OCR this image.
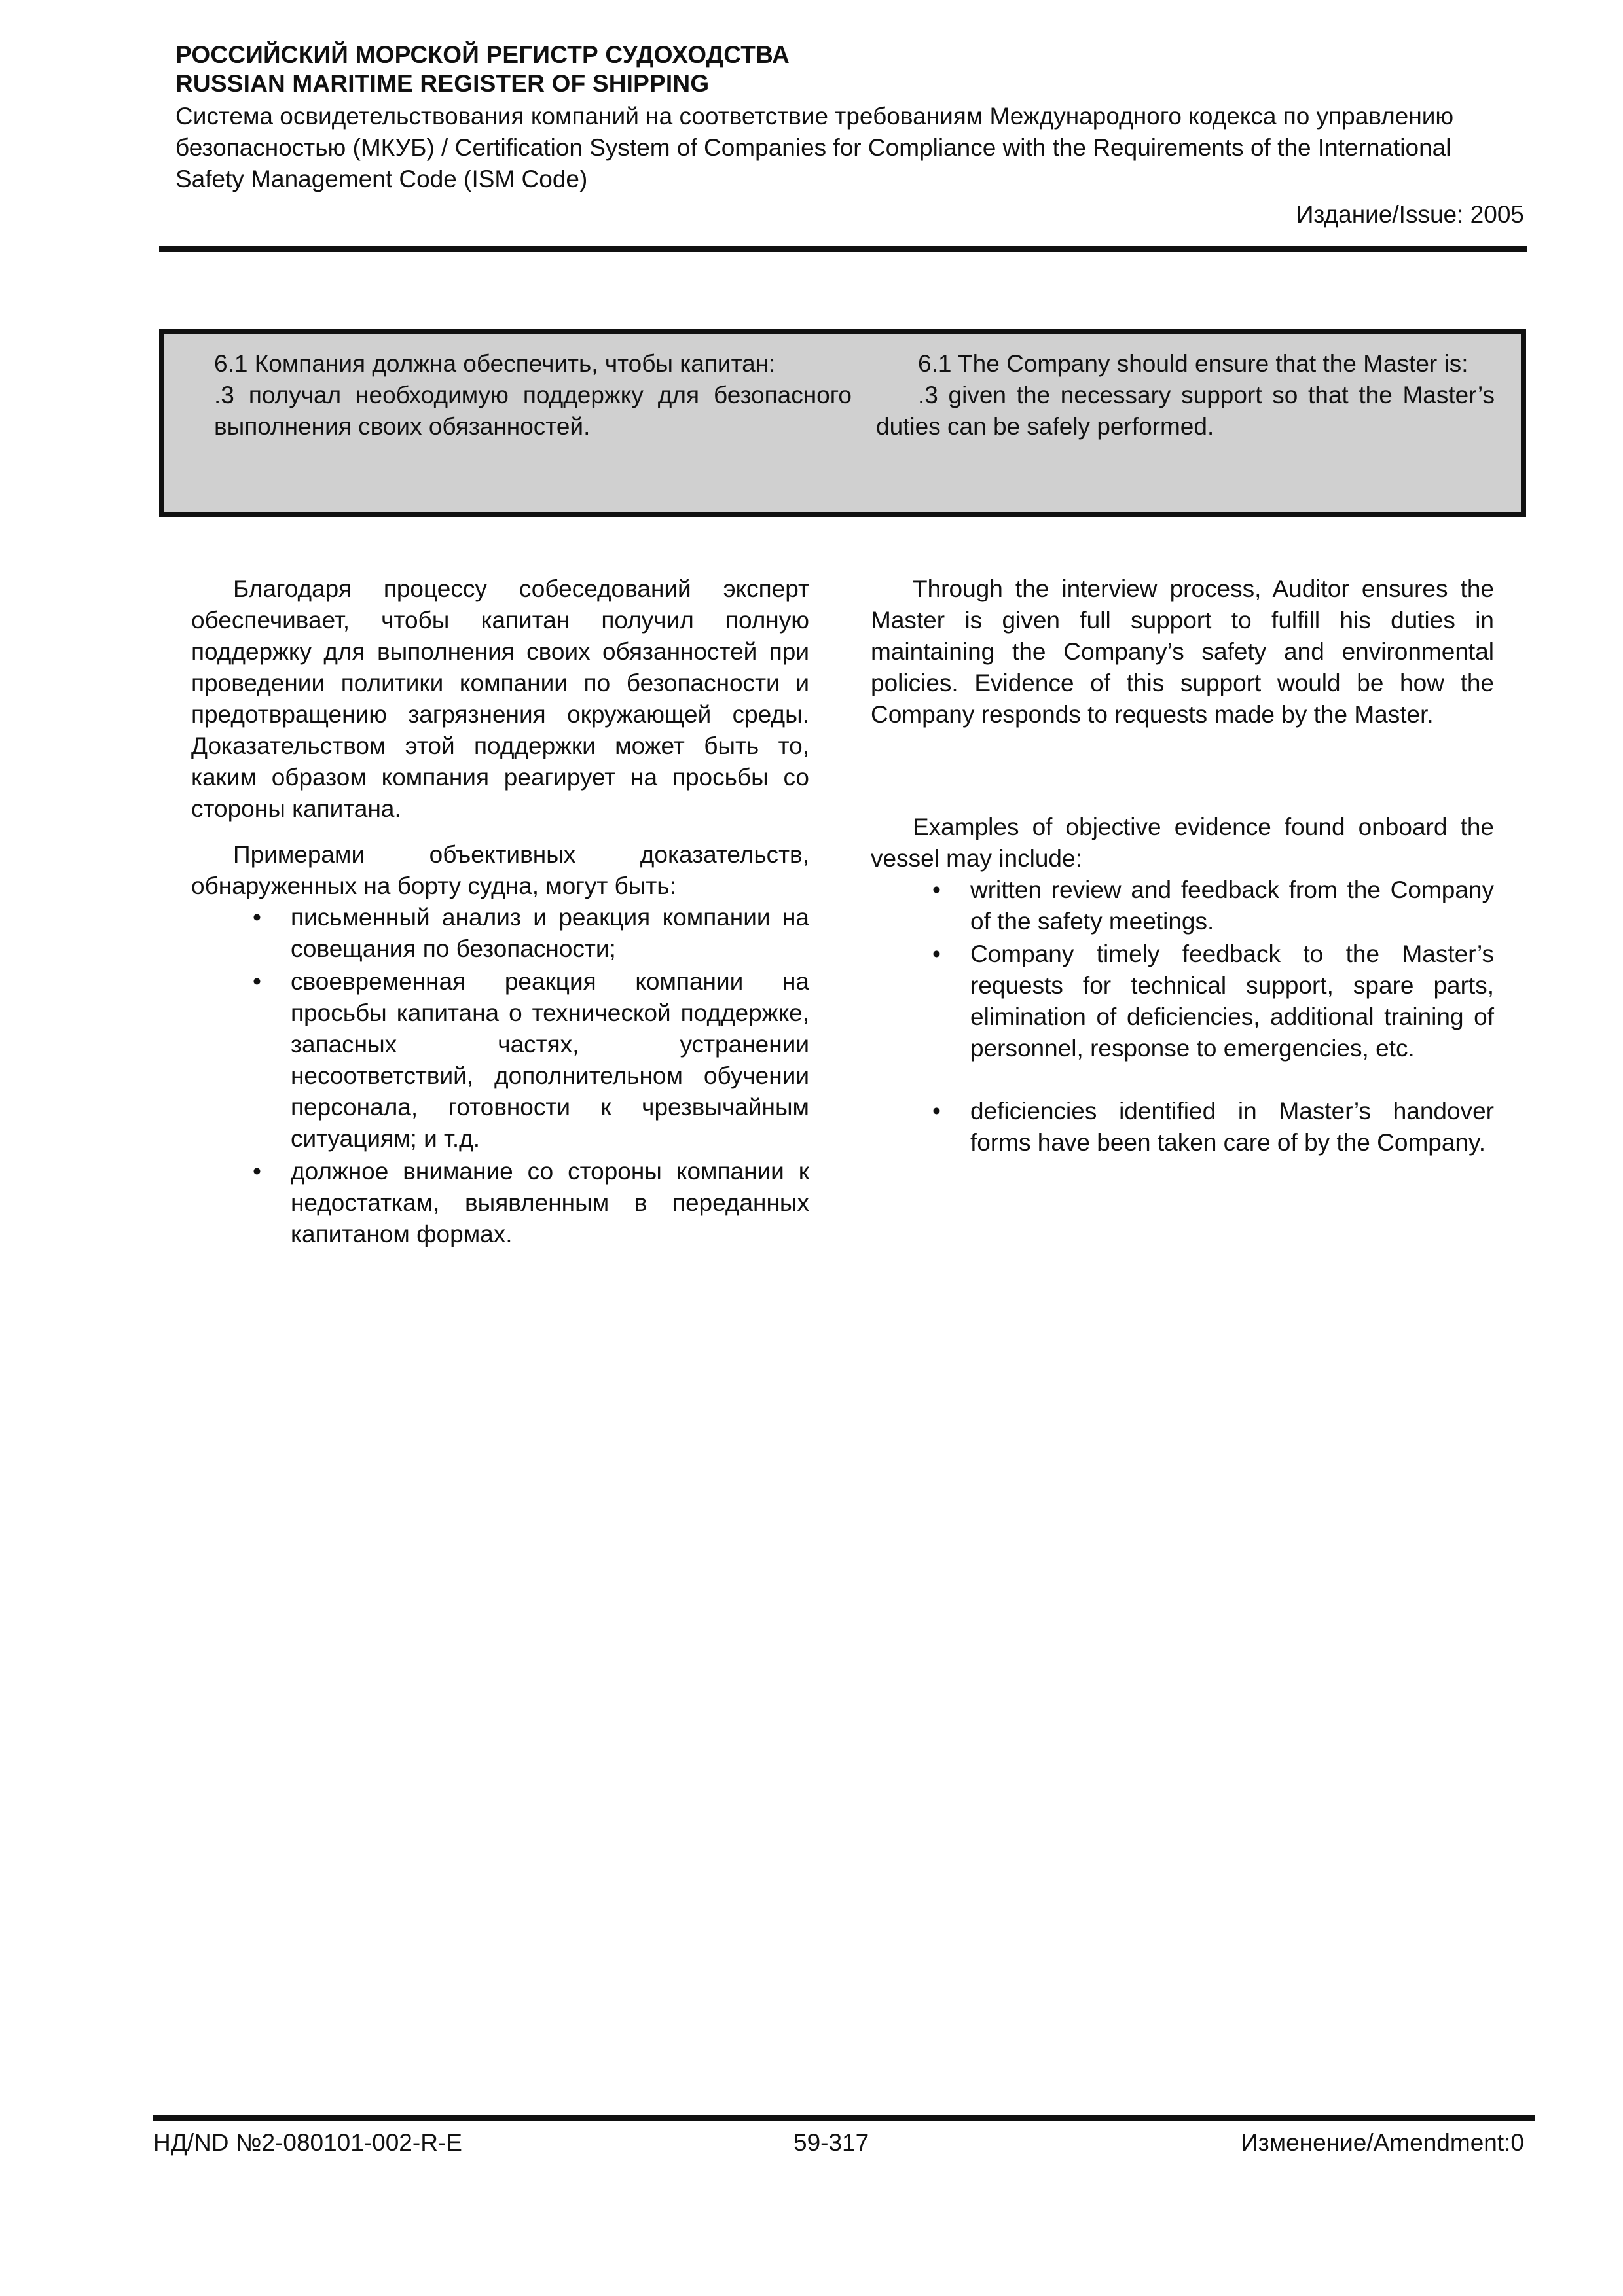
РОССИЙСКИЙ МОРСКОЙ РЕГИСТР СУДОХОДСТВА
RUSSIAN MARITIME REGISTER OF SHIPPING
Система освидетельствования компаний на соответствие требованиям Международного кодекса по управлению безопасностью (МКУБ) / Certification System of Companies for Compliance with the Requirements of the International Safety Management Code (ISM Code)
Издание/Issue: 2005

6.1 Компания должна обеспечить, чтобы капитан:

.3 получал необходимую поддержку для безопасного выполнения своих обязанностей.

6.1 The Company should ensure that the Master is:

.3 given the necessary support so that the Master’s duties can be safely performed.

Благодаря процессу собеседований эксперт обеспечивает, чтобы капитан получил полную поддержку для выполнения своих обязанностей при проведении политики компании по безопасности и предотвращению загрязнения окружающей среды. Доказательством этой поддержки может быть то, каким образом компания реагирует на просьбы со стороны капитана.

Примерами объективных доказательств, обнаруженных на борту судна, могут быть:

• письменный анализ и реакция компании на совещания по безопасности;
• своевременная реакция компании на просьбы капитана о технической поддержке, запасных частях, устранении несоответствий, дополнительном обучении персонала, готовности к чрезвычайным ситуациям; и т.д.
• должное внимание со стороны компании к недостаткам, выявленным в переданных капитаном формах.

Through the interview process, Auditor ensures the Master is given full support to fulfill his duties in maintaining the Company’s safety and environmental policies. Evidence of this support would be how the Company responds to requests made by the Master.

Examples of objective evidence found onboard the vessel may include:

• written review and feedback from the Company of the safety meetings.
• Company timely feedback to the Master’s requests for technical support, spare parts, elimination of deficiencies, additional training of personnel, response to emergencies, etc.
• deficiencies identified in Master’s handover forms have been taken care of by the Company.
НД/ND №2-080101-002-R-E	59-317	Изменение/Amendment:0
